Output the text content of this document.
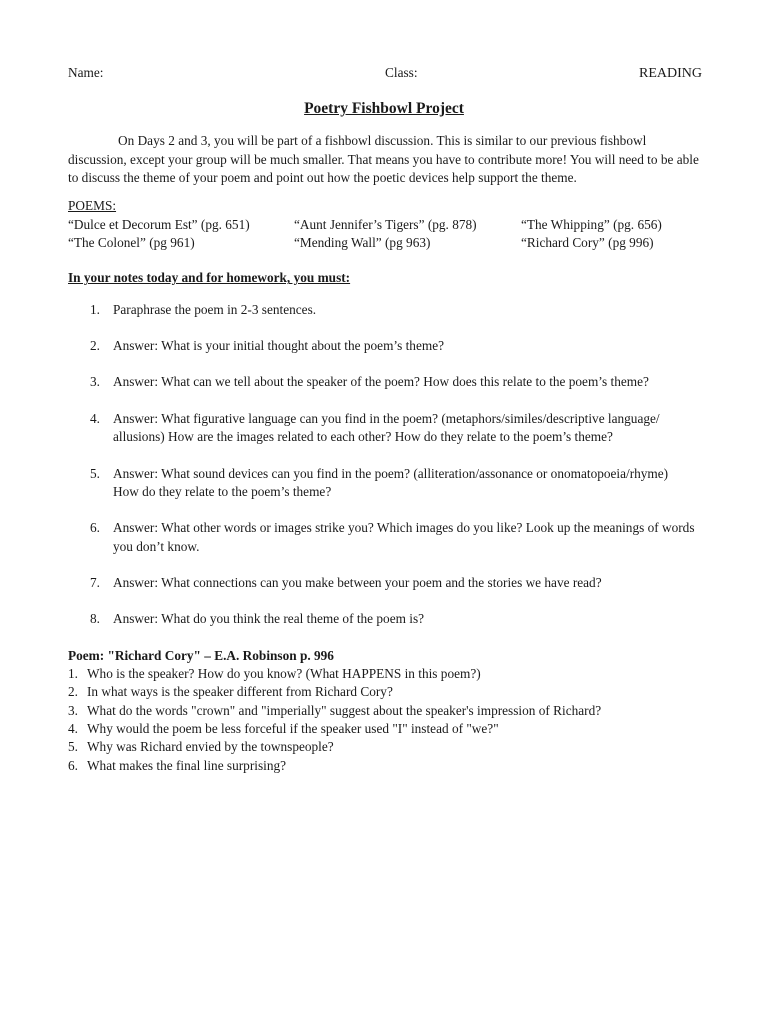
Name:	Class:	READING
Poetry Fishbowl Project

On Days 2 and 3, you will be part of a fishbowl discussion. This is similar to our previous fishbowl discussion, except your group will be much smaller. That means you have to contribute more! You will need to be able to discuss the theme of your poem and point out how the poetic devices help support the theme.

POEMS:
“Dulce et Decorum Est” (pg. 651)	“Aunt Jennifer’s Tigers” (pg. 878)	“The Whipping” (pg. 656)
“The Colonel” (pg 961)	“Mending Wall” (pg 963)	“Richard Cory” (pg 996)
In your notes today and for homework, you must:
1. Paraphrase the poem in 2-3 sentences.
2. Answer: What is your initial thought about the poem’s theme?
3. Answer: What can we tell about the speaker of the poem? How does this relate to the poem’s theme?
4. Answer: What figurative language can you find in the poem? (metaphors/similes/descriptive language/ allusions) How are the images related to each other? How do they relate to the poem’s theme?
5. Answer: What sound devices can you find in the poem? (alliteration/assonance or onomatopoeia/rhyme) How do they relate to the poem’s theme?
6. Answer: What other words or images strike you? Which images do you like? Look up the meanings of words you don’t know.
7. Answer: What connections can you make between your poem and the stories we have read?
8. Answer: What do you think the real theme of the poem is?
Poem: "Richard Cory" – E.A. Robinson p. 996
1. Who is the speaker? How do you know? (What HAPPENS in this poem?)
2. In what ways is the speaker different from Richard Cory?
3. What do the words "crown" and "imperially" suggest about the speaker's impression of Richard?
4. Why would the poem be less forceful if the speaker used "I" instead of "we?"
5. Why was Richard envied by the townspeople?
6. What makes the final line surprising?
